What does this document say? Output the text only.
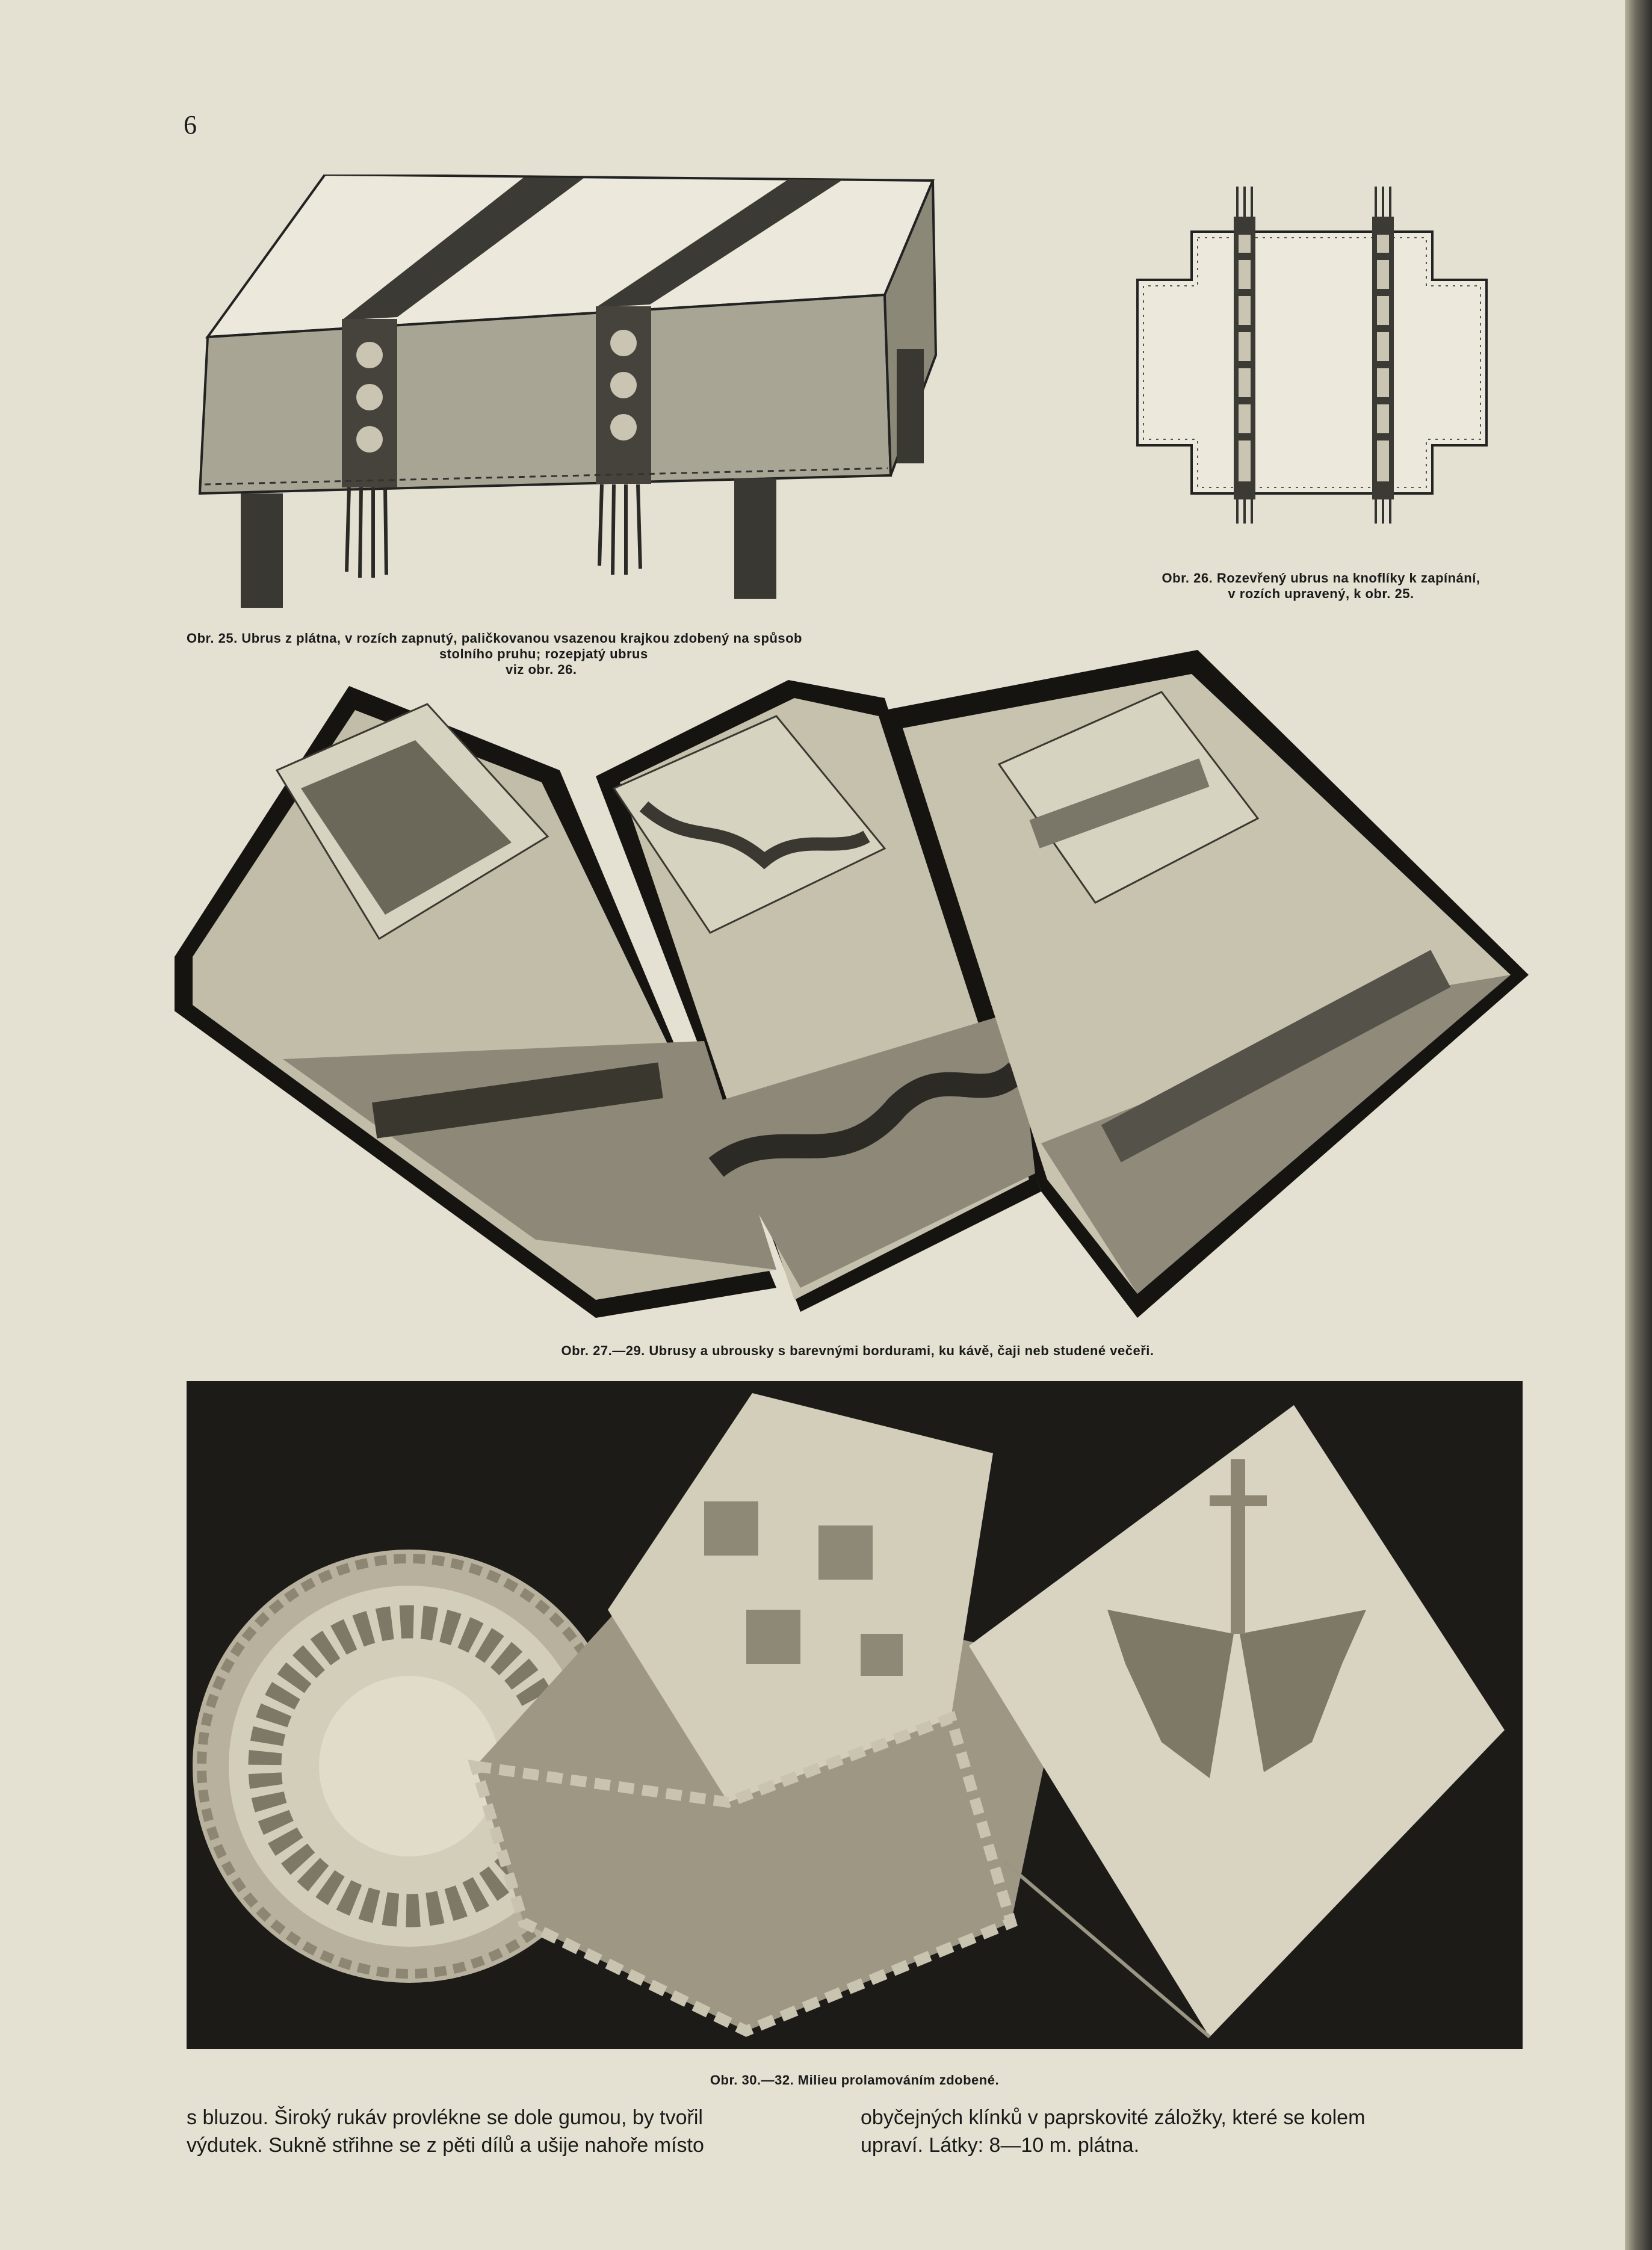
6
Obr. 25. Ubrus z plátna, v rozích zapnutý, paličkovanou vsazenou krajkou zdobený na spůsob
stolního pruhu; rozepjatý ubrus
viz obr. 26.
Obr. 26. Rozevřený ubrus na knoflíky k zapínání,
v rozích upravený, k obr. 25.
Obr. 27.—29. Ubrusy a ubrousky s barevnými bordurami, ku kávě, čaji neb studené večeři.
Obr. 30.—32. Milieu prolamováním zdobené.

s bluzou. Široký rukáv provlékne se dole gumou, by tvořil

výdutek. Sukně střihne se z pěti dílů a ušije nahoře místo

obyčejných klínků v paprskovité záložky, které se kolem

upraví. Látky: 8—10 m. plátna.
